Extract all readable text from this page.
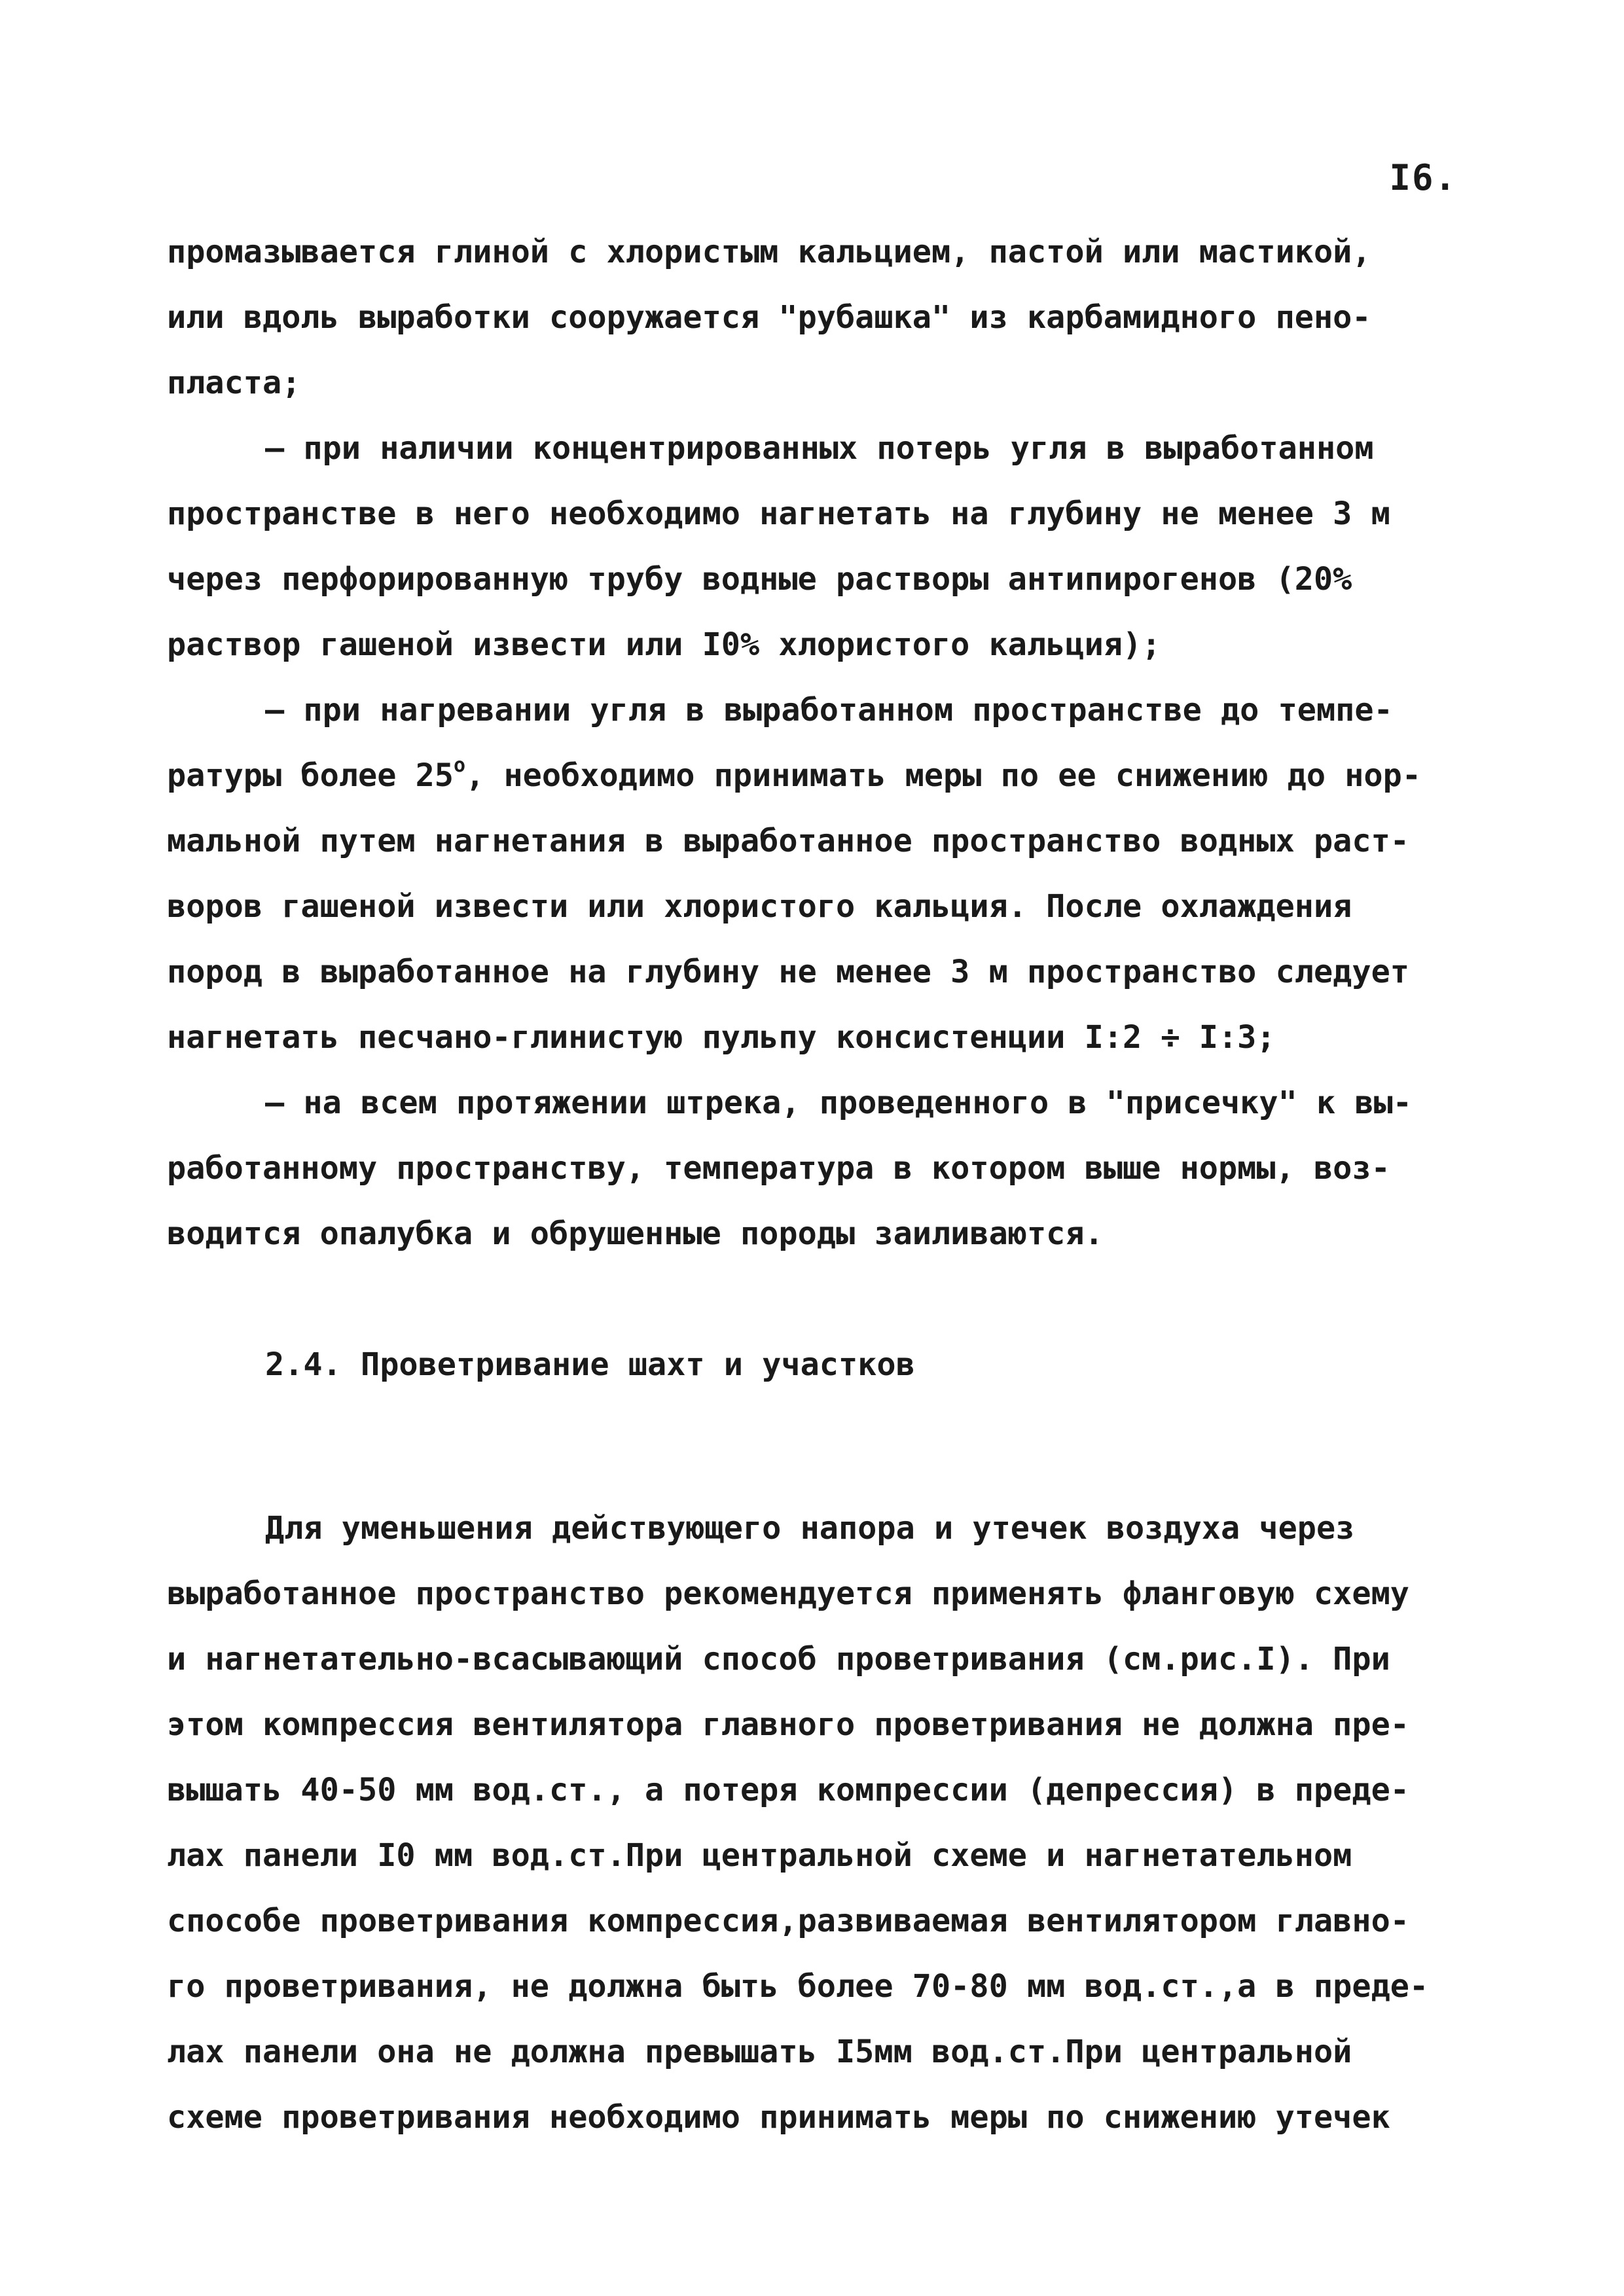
I6.
промазывается глиной с хлористым кальцием, пастой или мастикой,
или вдоль выработки сооружается "рубашка" из карбамидного пено-
пласта;
– при наличии концентрированных потерь угля в выработанном
пространстве в него необходимо нагнетать на глубину не менее 3 м
через перфорированную трубу водные растворы антипирогенов (20%
раствор гашеной извести или I0% хлористого кальция);
– при нагревании угля в выработанном пространстве до темпе-
ратуры более 25$^o$, необходимо принимать меры по ее снижению до нор-
мальной путем нагнетания в выработанное пространство водных раст-
воров гашеной извести или хлористого кальция. После охлаждения
пород в выработанное на глубину не менее 3 м пространство следует
нагнетать песчано-глинистую пульпу консистенции I:2 ÷ I:3;
– на всем протяжении штрека, проведенного в "присечку" к вы-
работанному пространству, температура в котором выше нормы, воз-
водится опалубка и обрушенные породы заиливаются.
2.4. Проветривание шахт и участков
Для уменьшения действующего напора и утечек воздуха через
выработанное пространство рекомендуется применять фланговую схему
и нагнетательно-всасывающий способ проветривания (см.рис.I). При
этом компрессия вентилятора главного проветривания не должна пре-
вышать 40-50 мм вод.ст., а потеря компрессии (депрессия) в преде-
лах панели I0 мм вод.ст.При центральной схеме и нагнетательном
способе проветривания компрессия,развиваемая вентилятором главно-
го проветривания, не должна быть более 70-80 мм вод.ст.,а в преде-
лах панели она не должна превышать I5мм вод.ст.При центральной
схеме проветривания необходимо принимать меры по снижению утечек
